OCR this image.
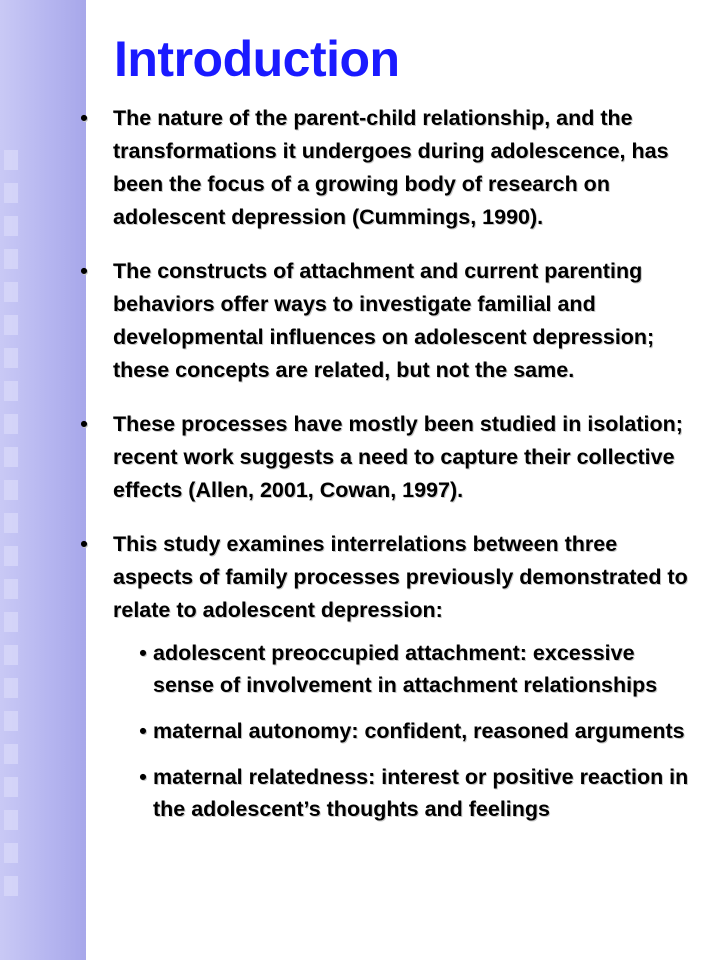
Introduction
• The nature of the parent-child relationship, and the transformations it undergoes during adolescence, has been the focus of a growing body of research on adolescent depression (Cummings, 1990).
• The constructs of attachment and current parenting behaviors offer ways to investigate familial and developmental influences on adolescent depression; these concepts are related, but not the same.
• These processes have mostly been studied in isolation; recent work suggests a need to capture their collective effects (Allen, 2001, Cowan, 1997).
• This study examines interrelations between three aspects of family processes previously demonstrated to relate to adolescent depression:
• adolescent preoccupied attachment: excessive sense of involvement in attachment relationships
• maternal autonomy: confident, reasoned arguments
• maternal relatedness: interest or positive reaction in the adolescent’s thoughts and feelings
